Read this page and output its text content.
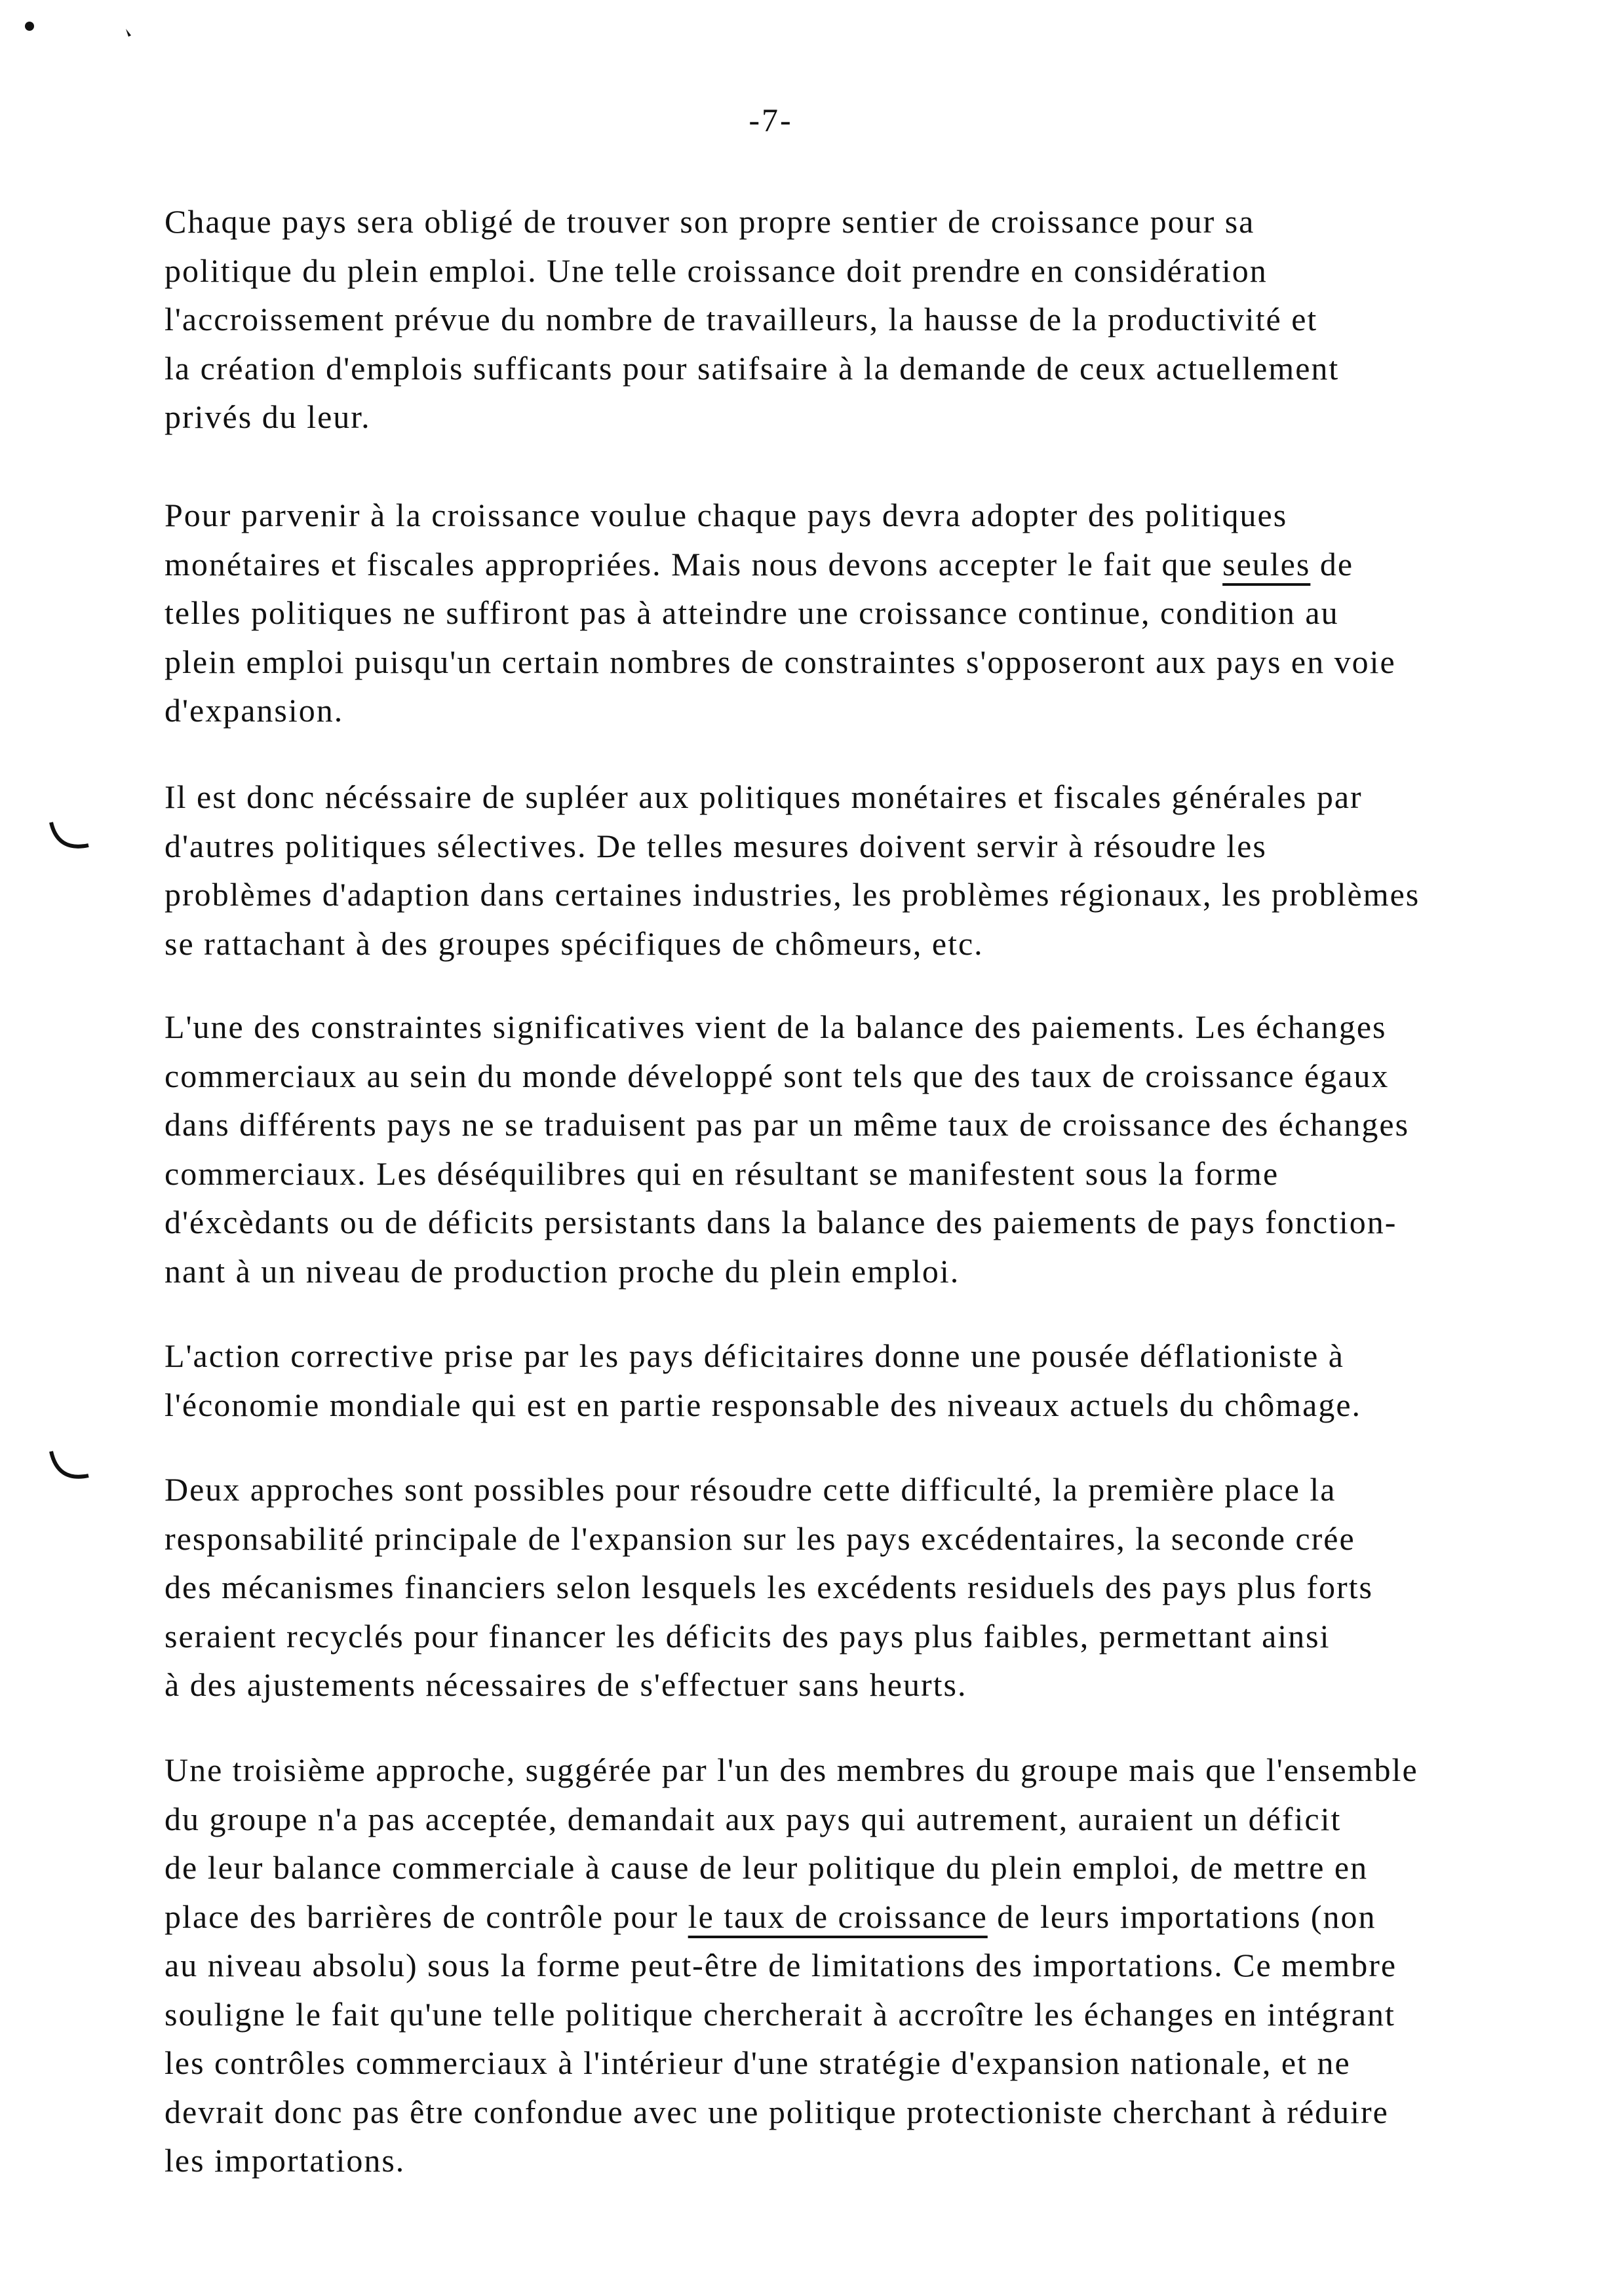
-7-
Chaque pays sera obligé de trouver son propre sentier de croissance pour sa
politique du plein emploi. Une telle croissance doit prendre en considération
l'accroissement prévue du nombre de travailleurs, la hausse de la productivité et
la création d'emplois sufficants pour satifsaire à la demande de ceux actuellement
privés du leur.
Pour parvenir à la croissance voulue chaque pays devra adopter des politiques
monétaires et fiscales appropriées. Mais nous devons accepter le fait que seules de
telles politiques ne suffiront pas à atteindre une croissance continue, condition au
plein emploi puisqu'un certain nombres de constraintes s'opposeront aux pays en voie
d'expansion.
Il est donc nécéssaire de supléer aux politiques monétaires et fiscales générales par
d'autres politiques sélectives. De telles mesures doivent servir à résoudre les
problèmes d'adaption dans certaines industries, les problèmes régionaux, les problèmes
se rattachant à des groupes spécifiques de chômeurs, etc.
L'une des constraintes significatives vient de la balance des paiements. Les échanges
commerciaux au sein du monde développé sont tels que des taux de croissance égaux
dans différents pays ne se traduisent pas par un même taux de croissance des échanges
commerciaux. Les déséquilibres qui en résultant se manifestent sous la forme
d'éxcèdants ou de déficits persistants dans la balance des paiements de pays fonction-
nant à un niveau de production proche du plein emploi.
L'action corrective prise par les pays déficitaires donne une pousée déflationiste à
l'économie mondiale qui est en partie responsable des niveaux actuels du chômage.
Deux approches sont possibles pour résoudre cette difficulté, la première place la
responsabilité principale de l'expansion sur les pays excédentaires, la seconde crée
des mécanismes financiers selon lesquels les excédents residuels des pays plus forts
seraient recyclés pour financer les déficits des pays plus faibles, permettant ainsi
à des ajustements nécessaires de s'effectuer sans heurts.
Une troisième approche, suggérée par l'un des membres du groupe mais que l'ensemble
du groupe n'a pas acceptée, demandait aux pays qui autrement, auraient un déficit
de leur balance commerciale à cause de leur politique du plein emploi, de mettre en
place des barrières de contrôle pour le taux de croissance de leurs importations (non
au niveau absolu) sous la forme peut-être de limitations des importations. Ce membre
souligne le fait qu'une telle politique chercherait à accroître les échanges en intégrant
les contrôles commerciaux à l'intérieur d'une stratégie d'expansion nationale, et ne
devrait donc pas être confondue avec une politique protectioniste cherchant à réduire
les importations.
